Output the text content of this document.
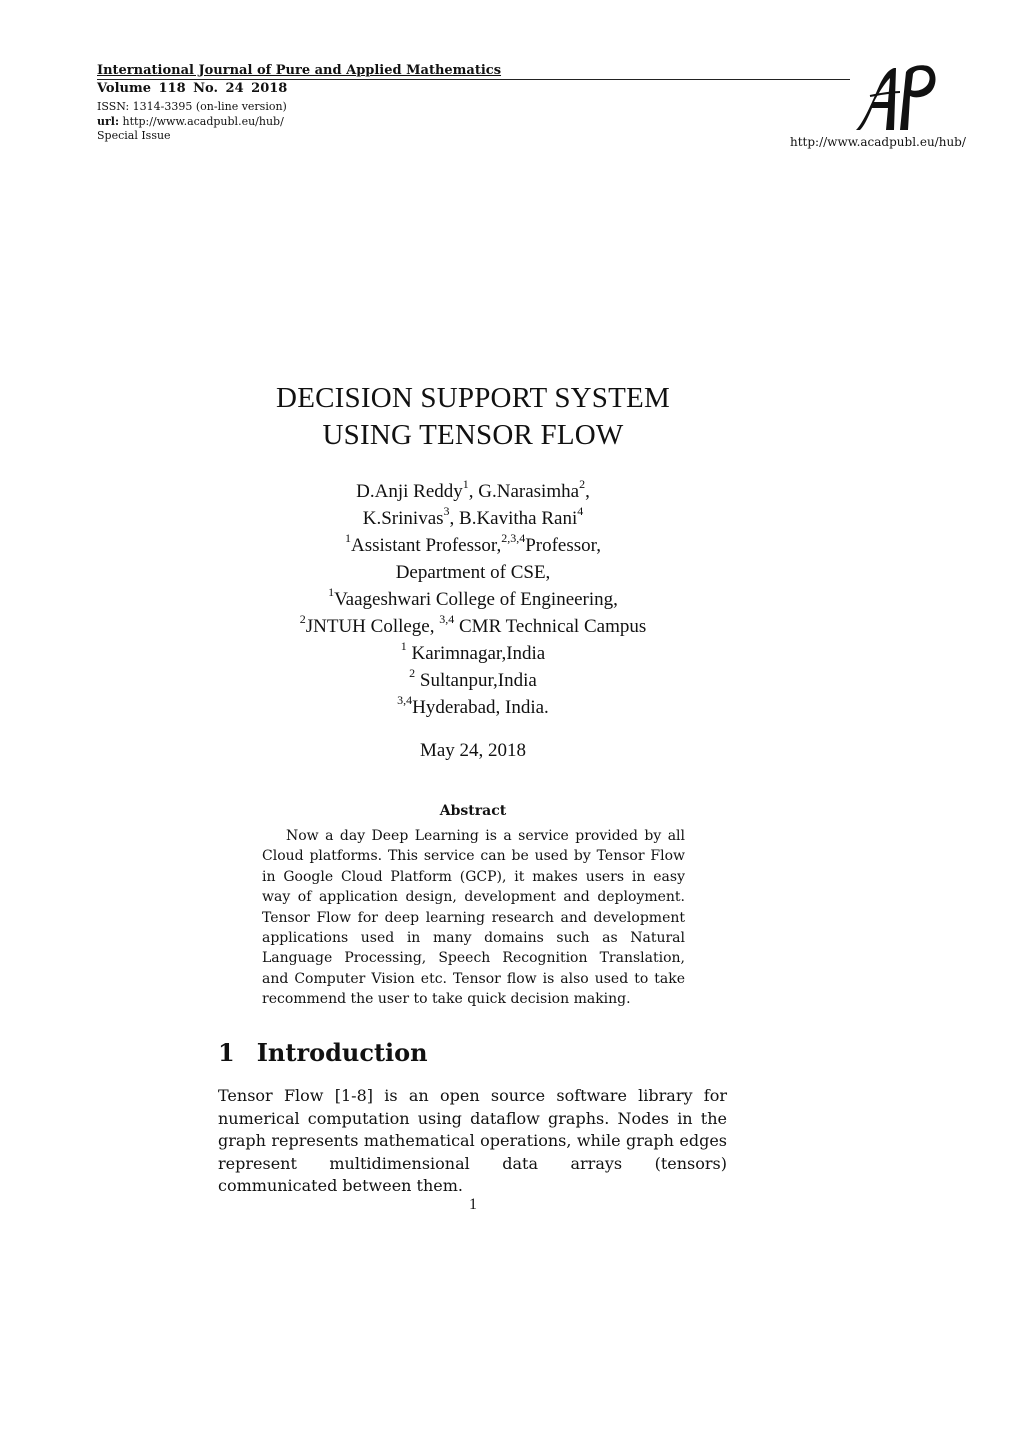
International Journal of Pure and Applied Mathematics
Volume 118 No. 24 2018
ISSN: 1314-3395 (on-line version)
url: http://www.acadpubl.eu/hub/
Special Issue	http://www.acadpubl.eu/hub/
DECISION SUPPORT SYSTEM
USING TENSOR FLOW
D.Anji Reddy$^1$, G.Narasimha$^2$,
K.Srinivas$^3$, B.Kavitha Rani$^4$
$^1$Assistant Professor,$^{2,3,4}$Professor,
Department of CSE,
$^1$Vaageshwari College of Engineering,
$^2$JNTUH College, $^{3,4}$ CMR Technical Campus
$^1$ Karimnagar,India
$^2$ Sultanpur,India
$^{3,4}$Hyderabad, India.
May 24, 2018
Abstract
Now a day Deep Learning is a service provided by all Cloud platforms. This service can be used by Tensor Flow in Google Cloud Platform (GCP), it makes users in easy way of application design, development and deployment. Tensor Flow for deep learning research and development applications used in many domains such as Natural Language Processing, Speech Recognition Translation, and Computer Vision etc. Tensor flow is also used to take recommend the user to take quick decision making.
1 Introduction
Tensor Flow [1-8] is an open source software library for numerical computation using dataflow graphs. Nodes in the graph represents mathematical operations, while graph edges represent multidimensional data arrays (tensors) communicated between them.
1
